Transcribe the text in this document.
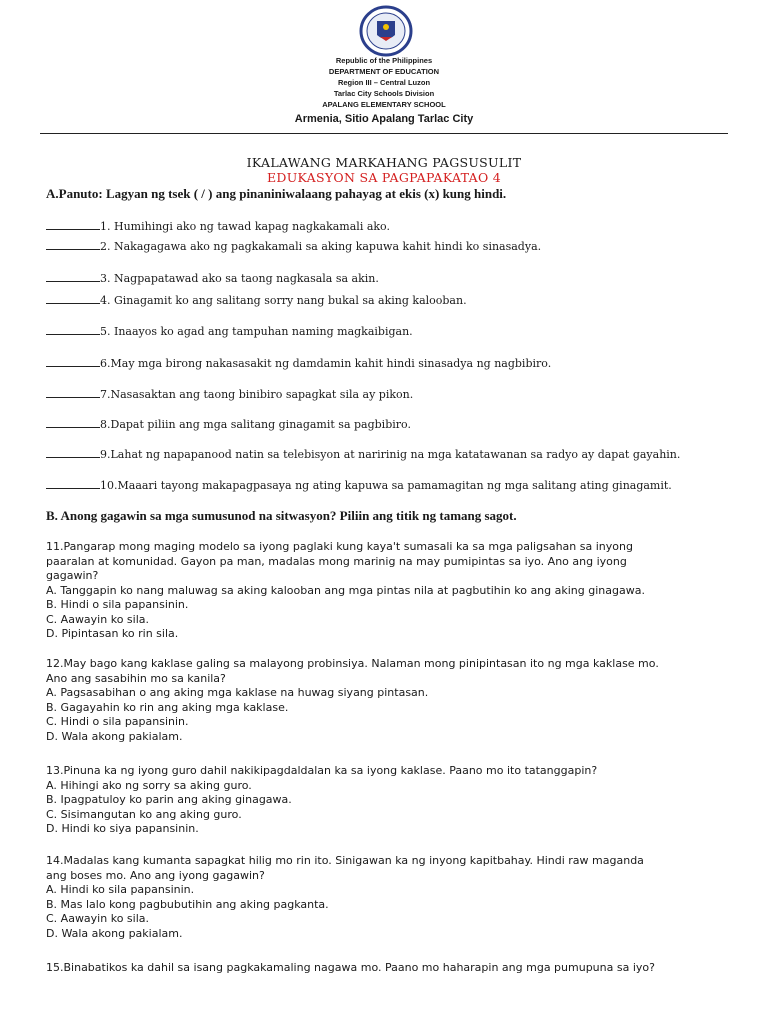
Republic of the Philippines
DEPARTMENT OF EDUCATION
Region III – Central Luzon
Tarlac City Schools Division
APALANG ELEMENTARY SCHOOL
Armenia, Sitio Apalang Tarlac City
IKALAWANG MARKAHANG PAGSUSULIT
EDUKASYON SA PAGPAPAKATAO 4
A.Panuto: Lagyan ng tsek ( / ) ang pinaniniwalaang pahayag at ekis (x) kung hindi.
1. Humihingi ako ng tawad kapag nagkakamali ako.
2. Nakagagawa ako ng pagkakamali sa aking kapuwa kahit hindi ko sinasadya.
3. Nagpapatawad ako sa taong nagkasala sa akin.
4. Ginagamit ko ang salitang sorry nang bukal sa aking kalooban.
5. Inaayos ko agad ang tampuhan naming magkaibigan.
6.May mga birong nakasasakit ng damdamin kahit hindi sinasadya ng nagbibiro.
7.Nasasaktan ang taong binibiro sapagkat sila ay pikon.
8.Dapat piliin ang mga salitang ginagamit sa pagbibiro.
9.Lahat ng napapanood natin sa telebisyon at naririnig na mga katatawanan sa radyo ay dapat gayahin.
10.Maaari tayong makapagpasaya ng ating kapuwa sa pamamagitan ng mga salitang ating ginagamit.
B. Anong gagawin sa mga sumusunod na sitwasyon? Piliin ang titik ng tamang sagot.
11.Pangarap mong maging modelo sa iyong paglaki kung kaya't sumasali ka sa mga paligsahan sa inyong
paaralan at komunidad. Gayon pa man, madalas mong marinig na may pumipintas sa iyo. Ano ang iyong
gagawin?
A. Tanggapin ko nang maluwag sa aking kalooban ang mga pintas nila at pagbutihin ko ang aking ginagawa.
B. Hindi o sila papansinin.
C. Aawayin ko sila.
D. Pipintasan ko rin sila.
12.May bago kang kaklase galing sa malayong probinsiya. Nalaman mong pinipintasan ito ng mga kaklase mo.
Ano ang sasabihin mo sa kanila?
A. Pagsasabihan o ang aking mga kaklase na huwag siyang pintasan.
B. Gagayahin ko rin ang aking mga kaklase.
C. Hindi o sila papansinin.
D. Wala akong pakialam.
13.Pinuna ka ng iyong guro dahil nakikipagdaldalan ka sa iyong kaklase. Paano mo ito tatanggapin?
A. Hihingi ako ng sorry sa aking guro.
B. Ipagpatuloy ko parin ang aking ginagawa.
C. Sisimangutan ko ang aking guro.
D. Hindi ko siya papansinin.
14.Madalas kang kumanta sapagkat hilig mo rin ito. Sinigawan ka ng inyong kapitbahay. Hindi raw maganda
ang boses mo. Ano ang iyong gagawin?
A. Hindi ko sila papansinin.
B. Mas lalo kong pagbubutihin ang aking pagkanta.
C. Aawayin ko sila.
D. Wala akong pakialam.
15.Binabatikos ka dahil sa isang pagkakamaling nagawa mo. Paano mo haharapin ang mga pumupuna sa iyo?
